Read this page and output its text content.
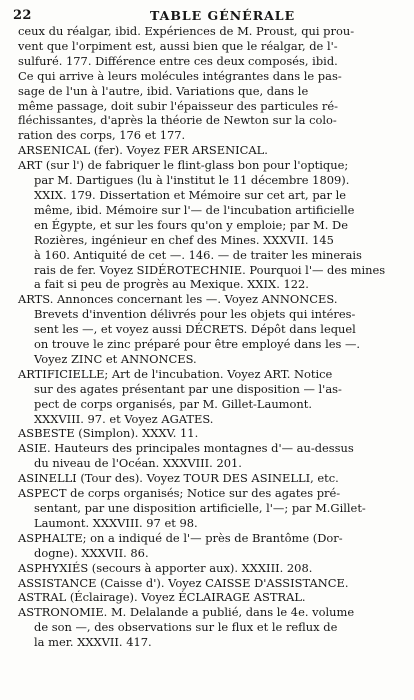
22	TABLE GÉNÉRALE
ceux du réalgar, ibid. Expériences de M. Proust, qui prou-
vent que l'orpiment est, aussi bien que le réalgar, de l'-
sulfuré. 177. Différence entre ces deux composés, ibid.
Ce qui arrive à leurs molécules intégrantes dans le pas-
sage de l'un à l'autre, ibid. Variations que, dans le
même passage, doit subir l'épaisseur des particules ré-
fléchissantes, d'après la théorie de Newton sur la colo-
ration des corps, 176 et 177.
ARSENICAL (fer). Voyez FER ARSENICAL.
ART (sur l') de fabriquer le flint-glass bon pour l'optique;
par M. Dartigues (lu à l'institut le 11 décembre 1809).
XXIX. 179. Dissertation et Mémoire sur cet art, par le
même, ibid. Mémoire sur l'— de l'incubation artificielle
en Égypte, et sur les fours qu'on y emploie; par M. De
Rozières, ingénieur en chef des Mines. XXXVII. 145
à 160. Antiquité de cet —. 146. — de traiter les minerais
rais de fer. Voyez SIDÉROTECHNIE. Pourquoi l'— des mines
a fait si peu de progrès au Mexique. XXIX. 122.
ARTS. Annonces concernant les —. Voyez ANNONCES.
Brevets d'invention délivrés pour les objets qui intéres-
sent les —, et voyez aussi DÉCRETS. Dépôt dans lequel
on trouve le zinc préparé pour être employé dans les —.
Voyez ZINC et ANNONCES.
ARTIFICIELLE; Art de l'incubation. Voyez ART. Notice
sur des agates présentant par une disposition — l'as-
pect de corps organisés, par M. Gillet-Laumont.
XXXVIII. 97. et Voyez AGATES.
ASBESTE (Simplon). XXXV. 11.
ASIE. Hauteurs des principales montagnes d'— au-dessus
du niveau de l'Océan. XXXVIII. 201.
ASINELLI (Tour des). Voyez TOUR DES ASINELLI, etc.
ASPECT de corps organisés; Notice sur des agates pré-
sentant, par une disposition artificielle, l'—; par M.Gillet-
Laumont. XXXVIII. 97 et 98.
ASPHALTE; on a indiqué de l'— près de Brantôme (Dor-
dogne). XXXVII. 86.
ASPHYXIÉS (secours à apporter aux). XXXIII. 208.
ASSISTANCE (Caisse d'). Voyez CAISSE D'ASSISTANCE.
ASTRAL (Éclairage). Voyez ÉCLAIRAGE ASTRAL.
ASTRONOMIE. M. Delalande a publié, dans le 4e. volume
de son —, des observations sur le flux et le reflux de
la mer. XXXVII. 417.
